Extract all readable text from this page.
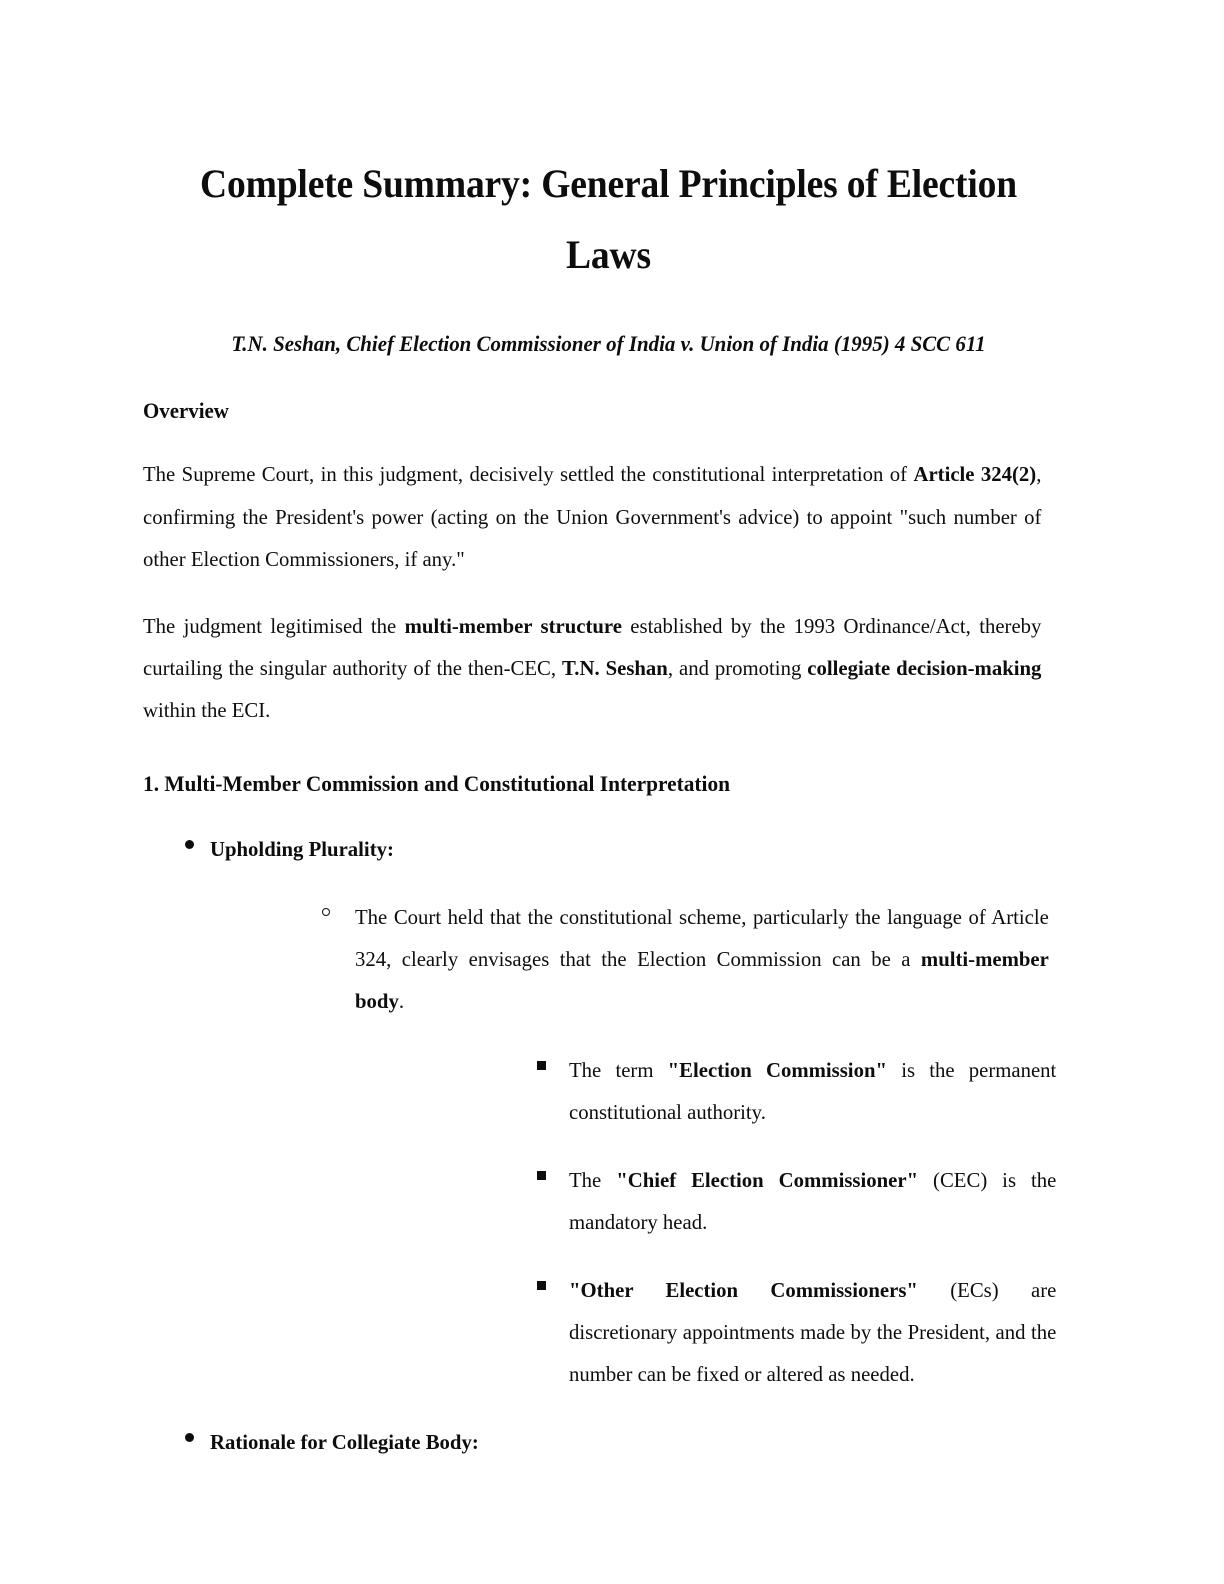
Complete Summary: General Principles of Election Laws
T.N. Seshan, Chief Election Commissioner of India v. Union of India (1995) 4 SCC 611
Overview

The Supreme Court, in this judgment, decisively settled the constitutional interpretation of Article 324(2), confirming the President's power (acting on the Union Government's advice) to appoint "such number of other Election Commissioners, if any."

The judgment legitimised the multi-member structure established by the 1993 Ordinance/Act, thereby curtailing the singular authority of the then-CEC, T.N. Seshan, and promoting collegiate decision-making within the ECI.

1. Multi-Member Commission and Constitutional Interpretation
Upholding Plurality:
The Court held that the constitutional scheme, particularly the language of Article 324, clearly envisages that the Election Commission can be a multi-member body.
The term "Election Commission" is the permanent constitutional authority.
The "Chief Election Commissioner" (CEC) is the mandatory head.
"Other Election Commissioners" (ECs) are discretionary appointments made by the President, and the number can be fixed or altered as needed.
Rationale for Collegiate Body:
